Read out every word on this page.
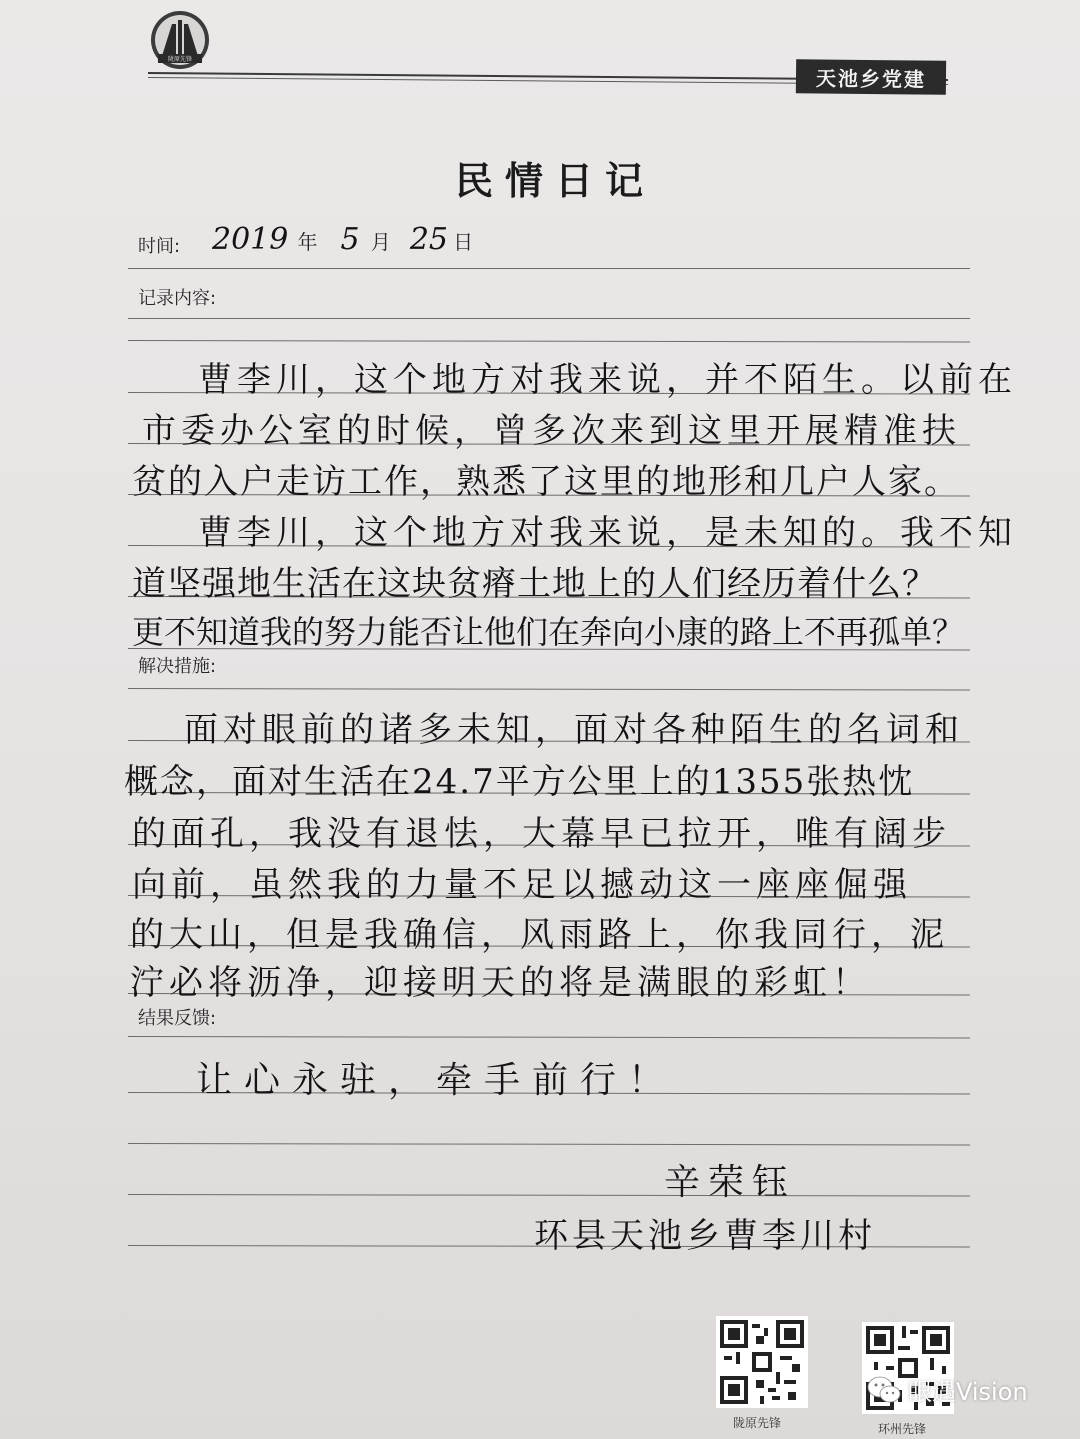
陇原先锋
天池乡党建
民情日记
时间: 2019 年 5 月 25 日
记录内容:
曹李川，这个地方对我来说，并不陌生。以前在
市委办公室的时候，曾多次来到这里开展精准扶
贫的入户走访工作，熟悉了这里的地形和几户人家。
曹李川，这个地方对我来说，是未知的。我不知
道坚强地生活在这块贫瘠土地上的人们经历着什么？
更不知道我的努力能否让他们在奔向小康的路上不再孤单？
解决措施:
面对眼前的诸多未知，面对各种陌生的名词和
概念，面对生活在24.7平方公里上的1355张热忱
的面孔，我没有退怯，大幕早已拉开，唯有阔步
向前，虽然我的力量不足以撼动这一座座倔强
的大山，但是我确信，风雨路上，你我同行，泥
泞必将沥净，迎接明天的将是满眼的彩虹！
结果反馈:
让心永驻，牵手前行！
辛荣钰
环县天池乡曹李川村
陇原先锋	环州先锋
眼遇Vision
